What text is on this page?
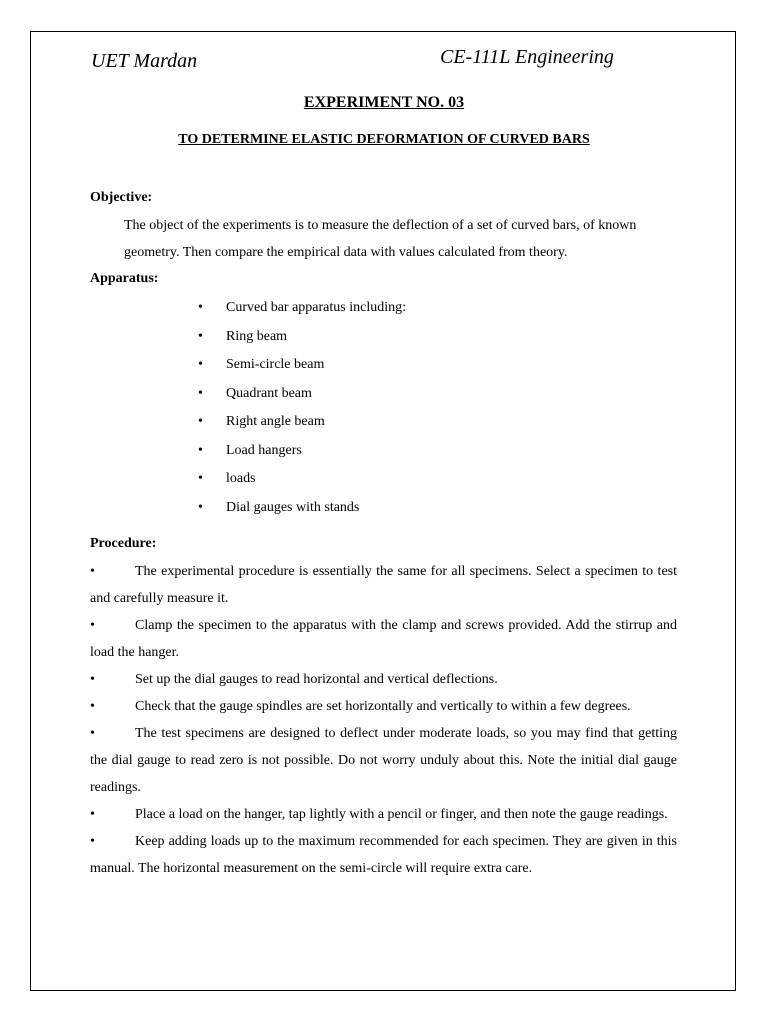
UET Mardan	CE-111L Engineering
EXPERIMENT NO. 03
TO DETERMINE ELASTIC DEFORMATION OF CURVED BARS
Objective:
The object of the experiments is to measure the deflection of a set of curved bars, of known geometry. Then compare the empirical data with values calculated from theory.
Apparatus:
• Curved bar apparatus including:
• Ring beam
• Semi-circle beam
• Quadrant beam
• Right angle beam
• Load hangers
• loads
• Dial gauges with stands
Procedure:

•	The experimental procedure is essentially the same for all specimens. Select a specimen to test and carefully measure it.

•	Clamp the specimen to the apparatus with the clamp and screws provided. Add the stirrup and load the hanger.

•	Set up the dial gauges to read horizontal and vertical deflections.

•	Check that the gauge spindles are set horizontally and vertically to within a few degrees.

•	The test specimens are designed to deflect under moderate loads, so you may find that getting the dial gauge to read zero is not possible. Do not worry unduly about this. Note the initial dial gauge readings.

•	Place a load on the hanger, tap lightly with a pencil or finger, and then note the gauge readings.

•	Keep adding loads up to the maximum recommended for each specimen. They are given in this manual. The horizontal measurement on the semi-circle will require extra care.
